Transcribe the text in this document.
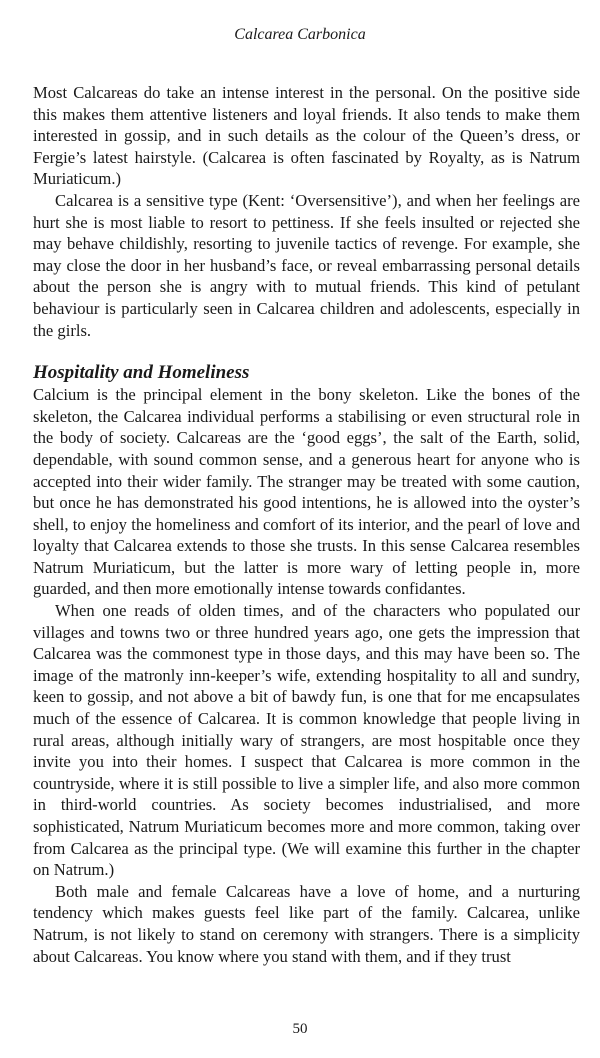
Calcarea Carbonica

Most Calcareas do take an intense interest in the personal. On the positive side this makes them attentive listeners and loyal friends. It also tends to make them interested in gossip, and in such details as the colour of the Queen’s dress, or Fergie’s latest hairstyle. (Calcarea is often fascinated by Royalty, as is Natrum Muriaticum.)

Calcarea is a sensitive type (Kent: ‘Oversensitive’), and when her feelings are hurt she is most liable to resort to pettiness. If she feels insulted or rejected she may behave childishly, resorting to juvenile tactics of revenge. For example, she may close the door in her husband’s face, or reveal embarrassing personal details about the person she is angry with to mutual friends. This kind of petulant behaviour is particularly seen in Calcarea children and adolescents, especially in the girls.

Hospitality and Homeliness

Calcium is the principal element in the bony skeleton. Like the bones of the skeleton, the Calcarea individual performs a stabilising or even structural role in the body of society. Calcareas are the ‘good eggs’, the salt of the Earth, solid, dependable, with sound common sense, and a generous heart for anyone who is accepted into their wider family. The stranger may be treated with some caution, but once he has demonstrated his good intentions, he is allowed into the oyster’s shell, to enjoy the homeliness and comfort of its interior, and the pearl of love and loyalty that Calcarea extends to those she trusts. In this sense Calcarea resembles Natrum Muriaticum, but the latter is more wary of letting people in, more guarded, and then more emotionally intense towards confidantes.

When one reads of olden times, and of the characters who populated our villages and towns two or three hundred years ago, one gets the impression that Calcarea was the commonest type in those days, and this may have been so. The image of the matronly inn-keeper’s wife, extending hospitality to all and sundry, keen to gossip, and not above a bit of bawdy fun, is one that for me encapsulates much of the essence of Calcarea. It is common knowledge that people living in rural areas, although initially wary of strangers, are most hospitable once they invite you into their homes. I suspect that Calcarea is more common in the countryside, where it is still possible to live a simpler life, and also more common in third-world countries. As society becomes industrialised, and more sophisticated, Natrum Muriaticum becomes more and more common, taking over from Calcarea as the principal type. (We will examine this further in the chapter on Natrum.)

Both male and female Calcareas have a love of home, and a nurturing tendency which makes guests feel like part of the family. Calcarea, unlike Natrum, is not likely to stand on ceremony with strangers. There is a simplicity about Calcareas. You know where you stand with them, and if they trust

50
